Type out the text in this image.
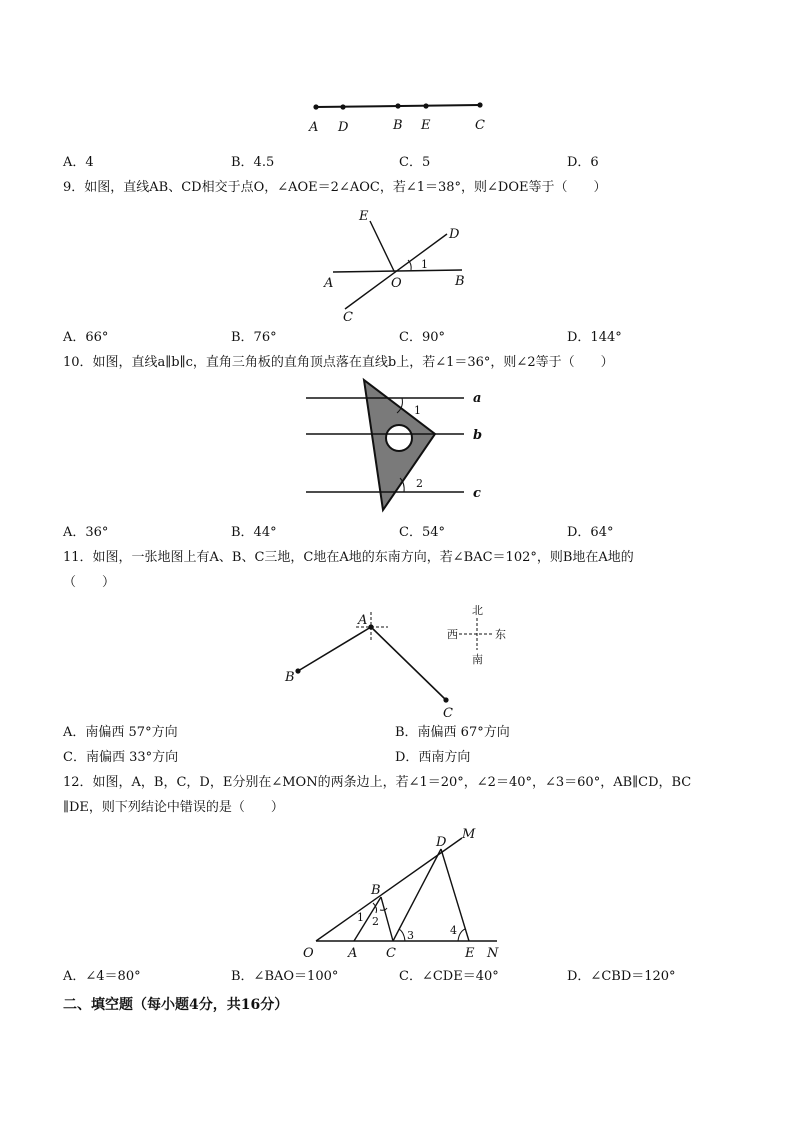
A D	B E	C
A．4	B．4.5	C．5	D．6
9．如图，直线AB、CD相交于点O，∠AOE＝2∠AOC，若∠1＝38°，则∠DOE等于（　　）
E
D
1
A	O	B
C
A．66°	B．76°	C．90°	D．144°
10．如图，直线a∥b∥c，直角三角板的直角顶点落在直线b上，若∠1＝36°，则∠2等于（　　）
a
b
c
1
2
A．36°	B．44°	C．54°	D．64°
11．如图，一张地图上有A、B、C三地，C地在A地的东南方向，若∠BAC＝102°，则B地在A地的
（　　）
A
B
C
北
南
西	东
A．南偏西 57°方向	B．南偏西 67°方向
C．南偏西 33°方向	D．西南方向
12．如图，A，B，C，D，E分别在∠MON的两条边上，若∠1＝20°，∠2＝40°，∠3＝60°，AB∥CD，BC
∥DE，则下列结论中错误的是（　　）
D
M
B
1 2
3	4
O	A C	E N
A．∠4＝80°	B．∠BAO＝100°	C．∠CDE＝40°	D．∠CBD＝120°
二、填空题（每小题4分，共16分）
